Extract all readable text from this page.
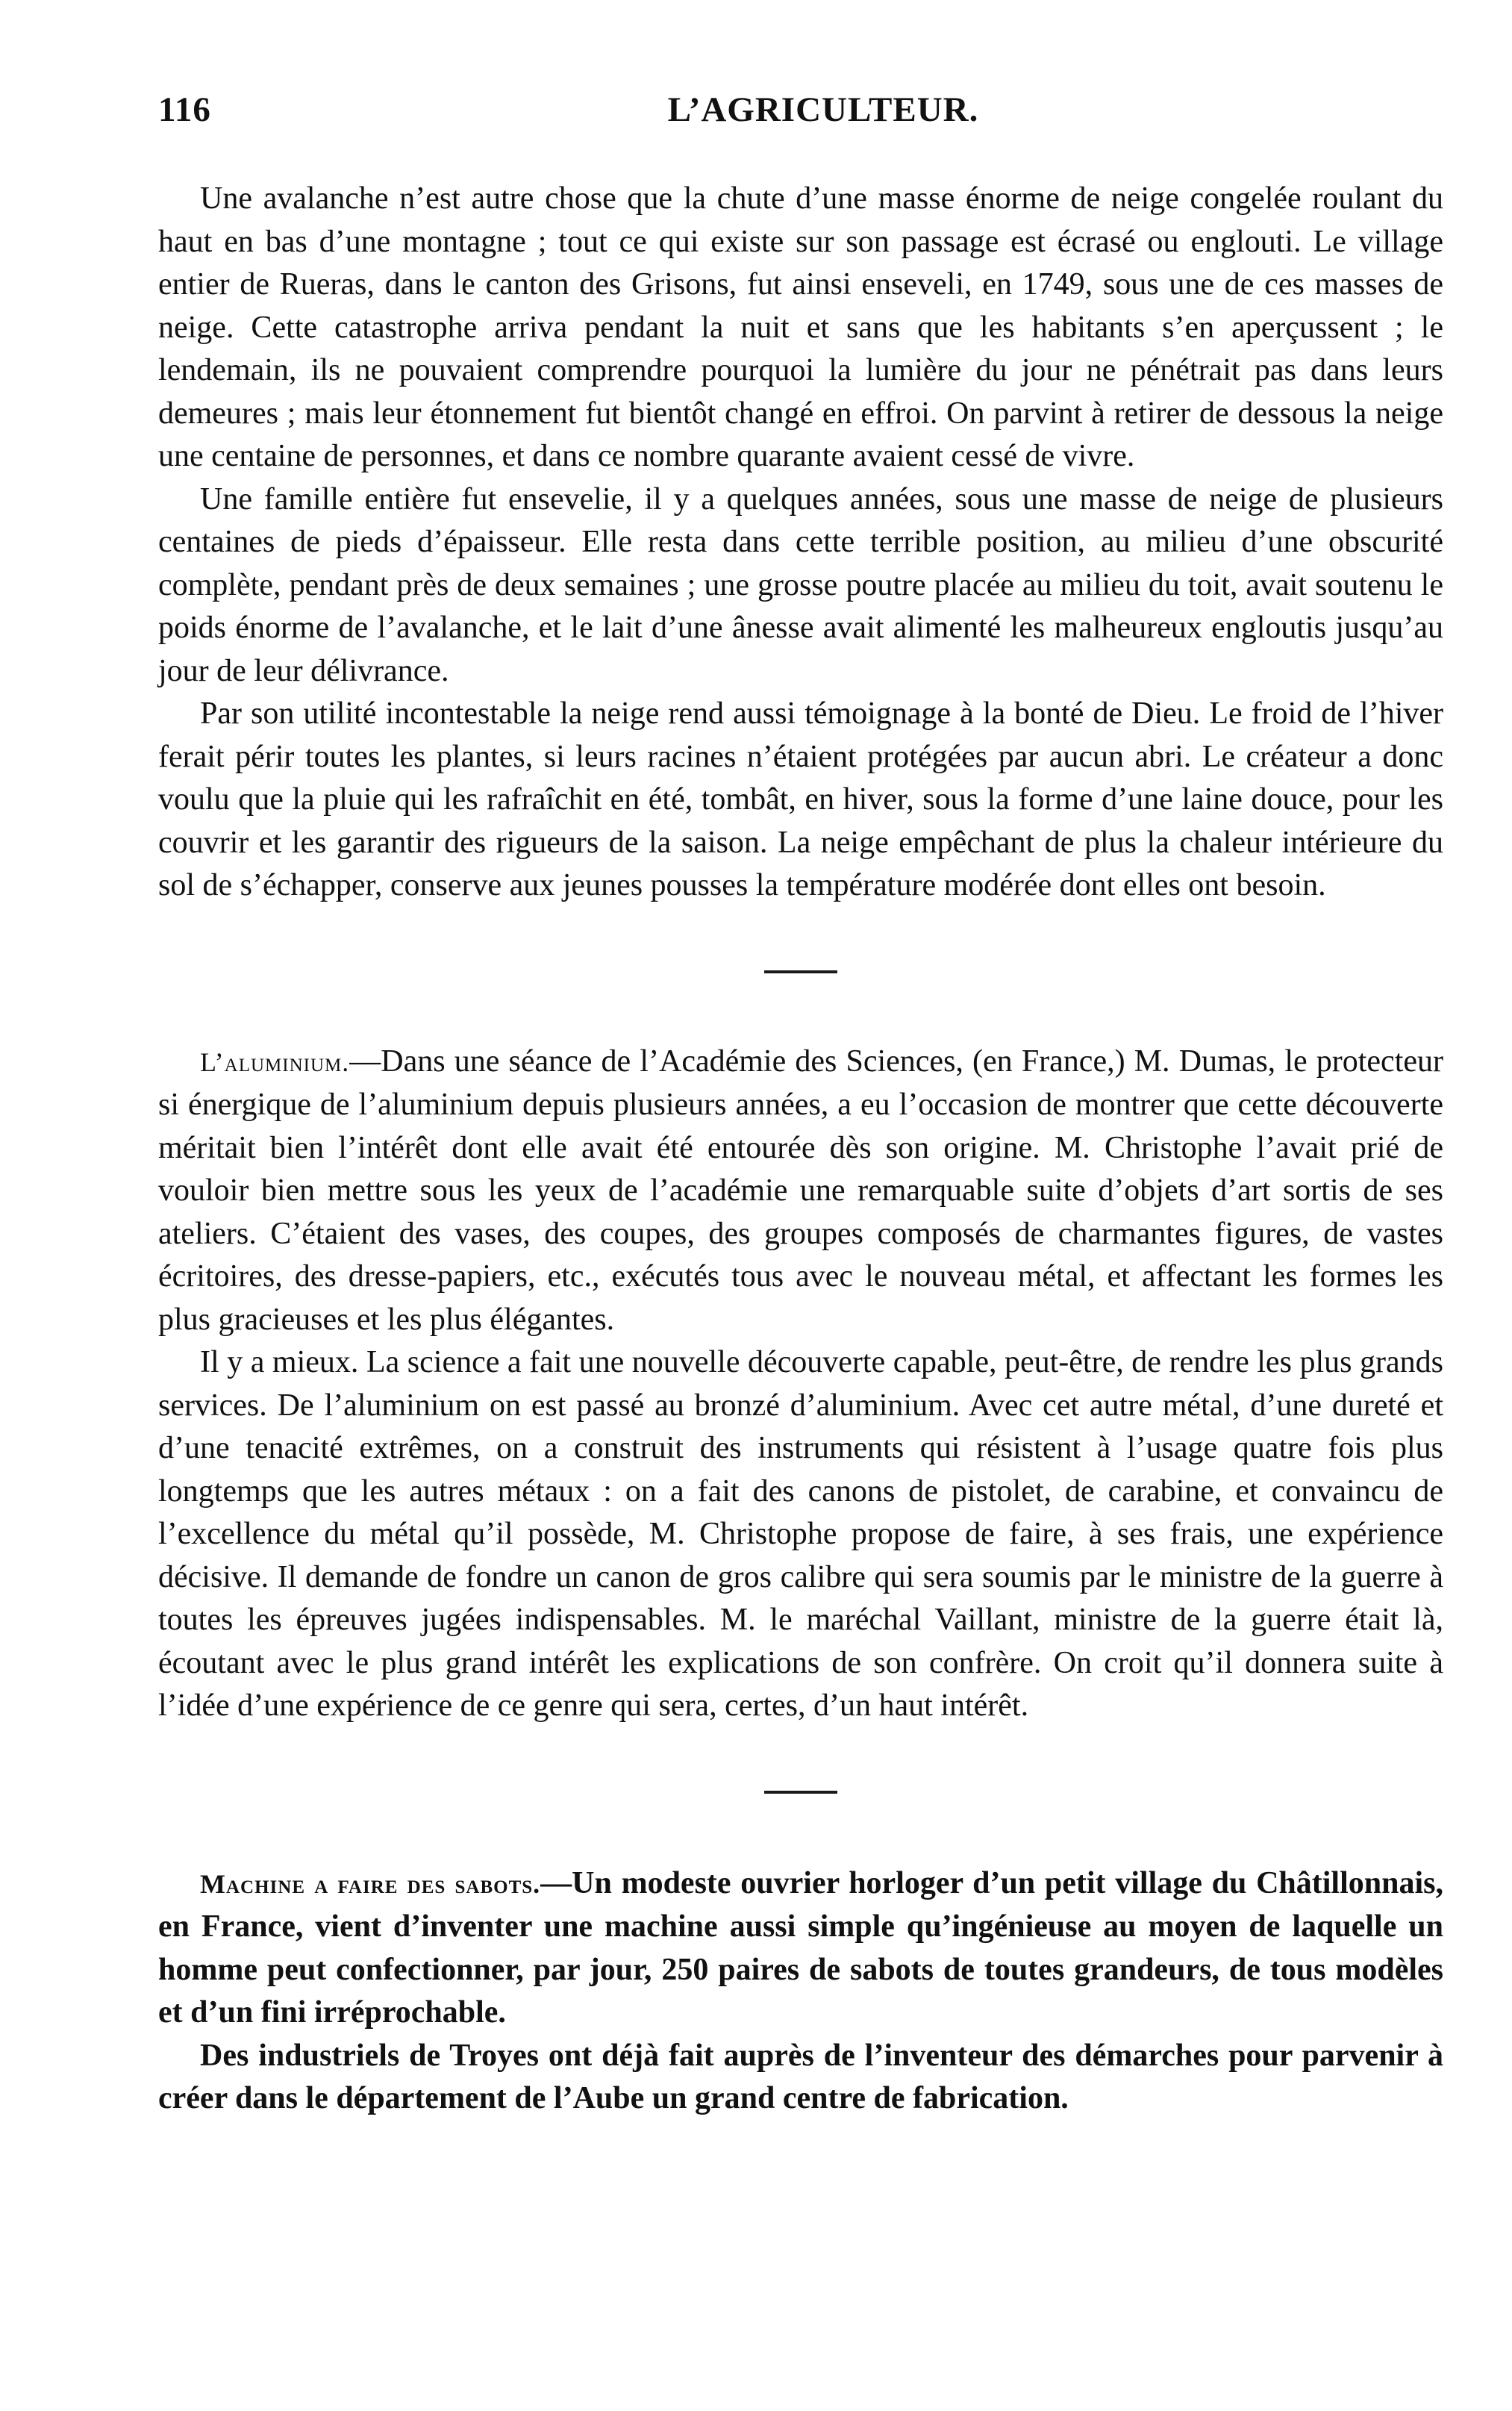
116	L’AGRICULTEUR.

Une avalanche n’est autre chose que la chute d’une masse énorme de neige congelée roulant du haut en bas d’une montagne ; tout ce qui existe sur son passage est écrasé ou englouti. Le village entier de Rueras, dans le canton des Grisons, fut ainsi enseveli, en 1749, sous une de ces masses de neige. Cette catastrophe arriva pendant la nuit et sans que les habitants s’en aperçussent ; le lendemain, ils ne pouvaient comprendre pourquoi la lumière du jour ne pénétrait pas dans leurs demeures ; mais leur étonnement fut bientôt changé en effroi. On parvint à retirer de dessous la neige une centaine de personnes, et dans ce nombre quarante avaient cessé de vivre.

Une famille entière fut ensevelie, il y a quelques années, sous une masse de neige de plusieurs centaines de pieds d’épaisseur. Elle resta dans cette terrible position, au milieu d’une obscurité complète, pendant près de deux semaines ; une grosse poutre placée au milieu du toit, avait soutenu le poids énorme de l’avalanche, et le lait d’une ânesse avait alimenté les malheureux engloutis jusqu’au jour de leur délivrance.

Par son utilité incontestable la neige rend aussi témoignage à la bonté de Dieu. Le froid de l’hiver ferait périr toutes les plantes, si leurs racines n’étaient protégées par aucun abri. Le créateur a donc voulu que la pluie qui les rafraîchit en été, tombât, en hiver, sous la forme d’une laine douce, pour les couvrir et les garantir des rigueurs de la saison. La neige empêchant de plus la chaleur intérieure du sol de s’échapper, conserve aux jeunes pousses la température modérée dont elles ont besoin.

L’aluminium.—Dans une séance de l’Académie des Sciences, (en France,) M. Dumas, le protecteur si énergique de l’aluminium depuis plusieurs années, a eu l’occasion de montrer que cette découverte méritait bien l’intérêt dont elle avait été entourée dès son origine. M. Christophe l’avait prié de vouloir bien mettre sous les yeux de l’académie une remarquable suite d’objets d’art sortis de ses ateliers. C’étaient des vases, des coupes, des groupes composés de charmantes figures, de vastes écritoires, des dresse-papiers, etc., exécutés tous avec le nouveau métal, et affectant les formes les plus gracieuses et les plus élégantes.

Il y a mieux. La science a fait une nouvelle découverte capable, peut-être, de rendre les plus grands services. De l’aluminium on est passé au bronzé d’aluminium. Avec cet autre métal, d’une dureté et d’une tenacité extrêmes, on a construit des instruments qui résistent à l’usage quatre fois plus longtemps que les autres métaux : on a fait des canons de pistolet, de carabine, et convaincu de l’excellence du métal qu’il possède, M. Christophe propose de faire, à ses frais, une expérience décisive. Il demande de fondre un canon de gros calibre qui sera soumis par le ministre de la guerre à toutes les épreuves jugées indispensables. M. le maréchal Vaillant, ministre de la guerre était là, écoutant avec le plus grand intérêt les explications de son confrère. On croit qu’il donnera suite à l’idée d’une expérience de ce genre qui sera, certes, d’un haut intérêt.

Machine a faire des sabots.—Un modeste ouvrier horloger d’un petit village du Châtillonnais, en France, vient d’inventer une machine aussi simple qu’ingénieuse au moyen de laquelle un homme peut confectionner, par jour, 250 paires de sabots de toutes grandeurs, de tous modèles et d’un fini irréprochable.

Des industriels de Troyes ont déjà fait auprès de l’inventeur des démarches pour parvenir à créer dans le département de l’Aube un grand centre de fabrication.
